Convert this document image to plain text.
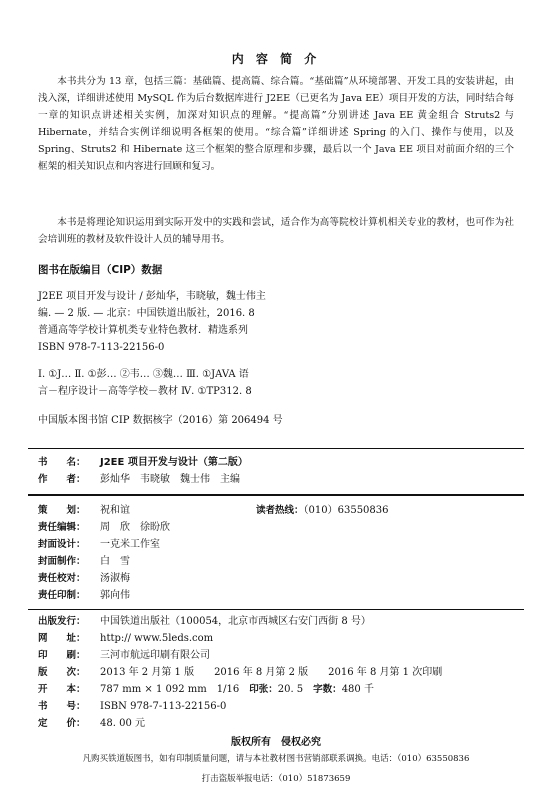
内 容 简 介

本书共分为 13 章，包括三篇：基础篇、提高篇、综合篇。“基础篇”从环境部署、开发工具的安装讲起，由浅入深，详细讲述使用 MySQL 作为后台数据库进行 J2EE（已更名为 Java EE）项目开发的方法，同时结合每一章的知识点讲述相关实例，加深对知识点的理解。“提高篇”分别讲述 Java EE 黄金组合 Struts2 与 Hibernate，并结合实例详细说明各框架的使用。“综合篇”详细讲述 Spring 的入门、操作与使用，以及 Spring、Struts2 和 Hibernate 这三个框架的整合原理和步骤，最后以一个 Java EE 项目对前面介绍的三个框架的相关知识点和内容进行回顾和复习。

本书是将理论知识运用到实际开发中的实践和尝试，适合作为高等院校计算机相关专业的教材，也可作为社会培训班的教材及软件设计人员的辅导用书。

图书在版编目（CIP）数据
J2EE 项目开发与设计 / 彭灿华，韦晓敏，魏士伟主
编. — 2 版. — 北京：中国铁道出版社，2016. 8
普通高等学校计算机类专业特色教材．精选系列
ISBN 978-7-113-22156-0
Ⅰ. ①J… Ⅱ. ①彭… ②韦… ③魏… Ⅲ. ①JAVA 语
言－程序设计－高等学校－教材 Ⅳ. ①TP312. 8
中国版本图书馆 CIP 数据核字（2016）第 206494 号
书　　名： J2EE 项目开发与设计（第二版）
作　　者： 彭灿华　韦晓敏　魏士伟　主编
策　　划： 祝和谊	读者热线：（010）63550836
责任编辑： 周　欣　徐盼欣
封面设计： 一克米工作室
封面制作： 白　雪
责任校对： 汤淑梅
责任印制： 郭向伟
出版发行： 中国铁道出版社（100054，北京市西城区右安门西街 8 号）
网　　址： http:// www.5leds.com
印　　刷： 三河市航远印刷有限公司
版　　次： 2013 年 2 月第 1 版　　2016 年 8 月第 2 版　　2016 年 8 月第 1 次印刷
开　　本： 787 mm × 1 092 mm　1/16　印张：20. 5　字数：480 千
书　　号： ISBN 978-7-113-22156-0
定　　价： 48. 00 元
版权所有　侵权必究
凡购买铁道版图书，如有印制质量问题，请与本社教材图书营销部联系调换。电话：（010）63550836
打击盗版举报电话：（010）51873659
